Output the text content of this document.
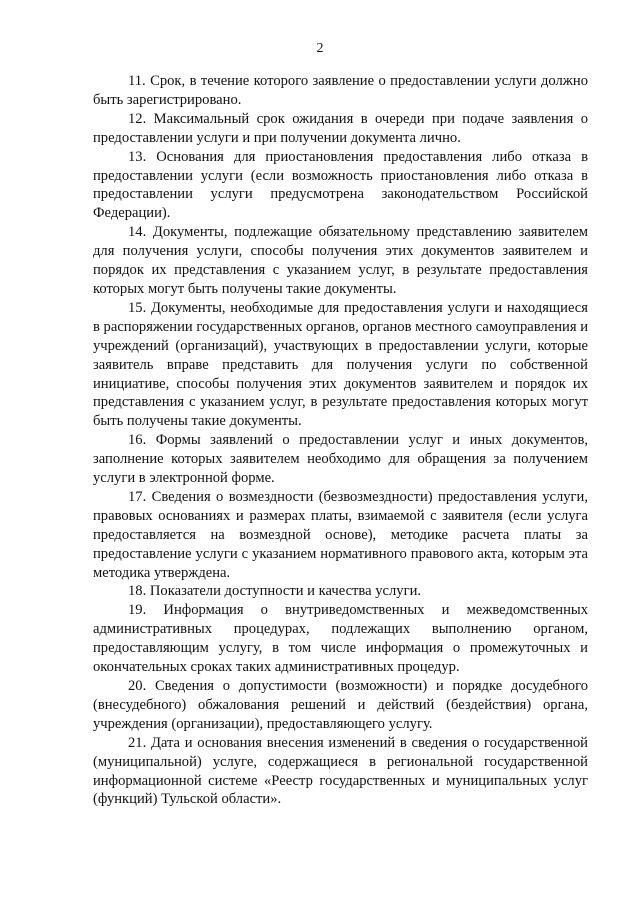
2

11. Срок, в течение которого заявление о предоставлении услуги должно быть зарегистрировано.

12. Максимальный срок ожидания в очереди при подаче заявления о предоставлении услуги и при получении документа лично.

13. Основания для приостановления предоставления либо отказа в предоставлении услуги (если возможность приостановления либо отказа в предоставлении услуги предусмотрена законодательством Российской Федерации).

14. Документы, подлежащие обязательному представлению заявителем для получения услуги, способы получения этих документов заявителем и порядок их представления с указанием услуг, в результате предоставления которых могут быть получены такие документы.

15. Документы, необходимые для предоставления услуги и находящиеся в распоряжении государственных органов, органов местного самоуправления и учреждений (организаций), участвующих в предоставлении услуги, которые заявитель вправе представить для получения услуги по собственной инициативе, способы получения этих документов заявителем и порядок их представления с указанием услуг, в результате предоставления которых могут быть получены такие документы.

16. Формы заявлений о предоставлении услуг и иных документов, заполнение которых заявителем необходимо для обращения за получением услуги в электронной форме.

17. Сведения о возмездности (безвозмездности) предоставления услуги, правовых основаниях и размерах платы, взимаемой с заявителя (если услуга предоставляется на возмездной основе), методике расчета платы за предоставление услуги с указанием нормативного правового акта, которым эта методика утверждена.

18. Показатели доступности и качества услуги.

19. Информация о внутриведомственных и межведомственных административных процедурах, подлежащих выполнению органом, предоставляющим услугу, в том числе информация о промежуточных и окончательных сроках таких административных процедур.

20. Сведения о допустимости (возможности) и порядке досудебного (внесудебного) обжалования решений и действий (бездействия) органа, учреждения (организации), предоставляющего услугу.

21. Дата и основания внесения изменений в сведения о государственной (муниципальной) услуге, содержащиеся в региональной государственной информационной системе «Реестр государственных и муниципальных услуг (функций) Тульской области».
